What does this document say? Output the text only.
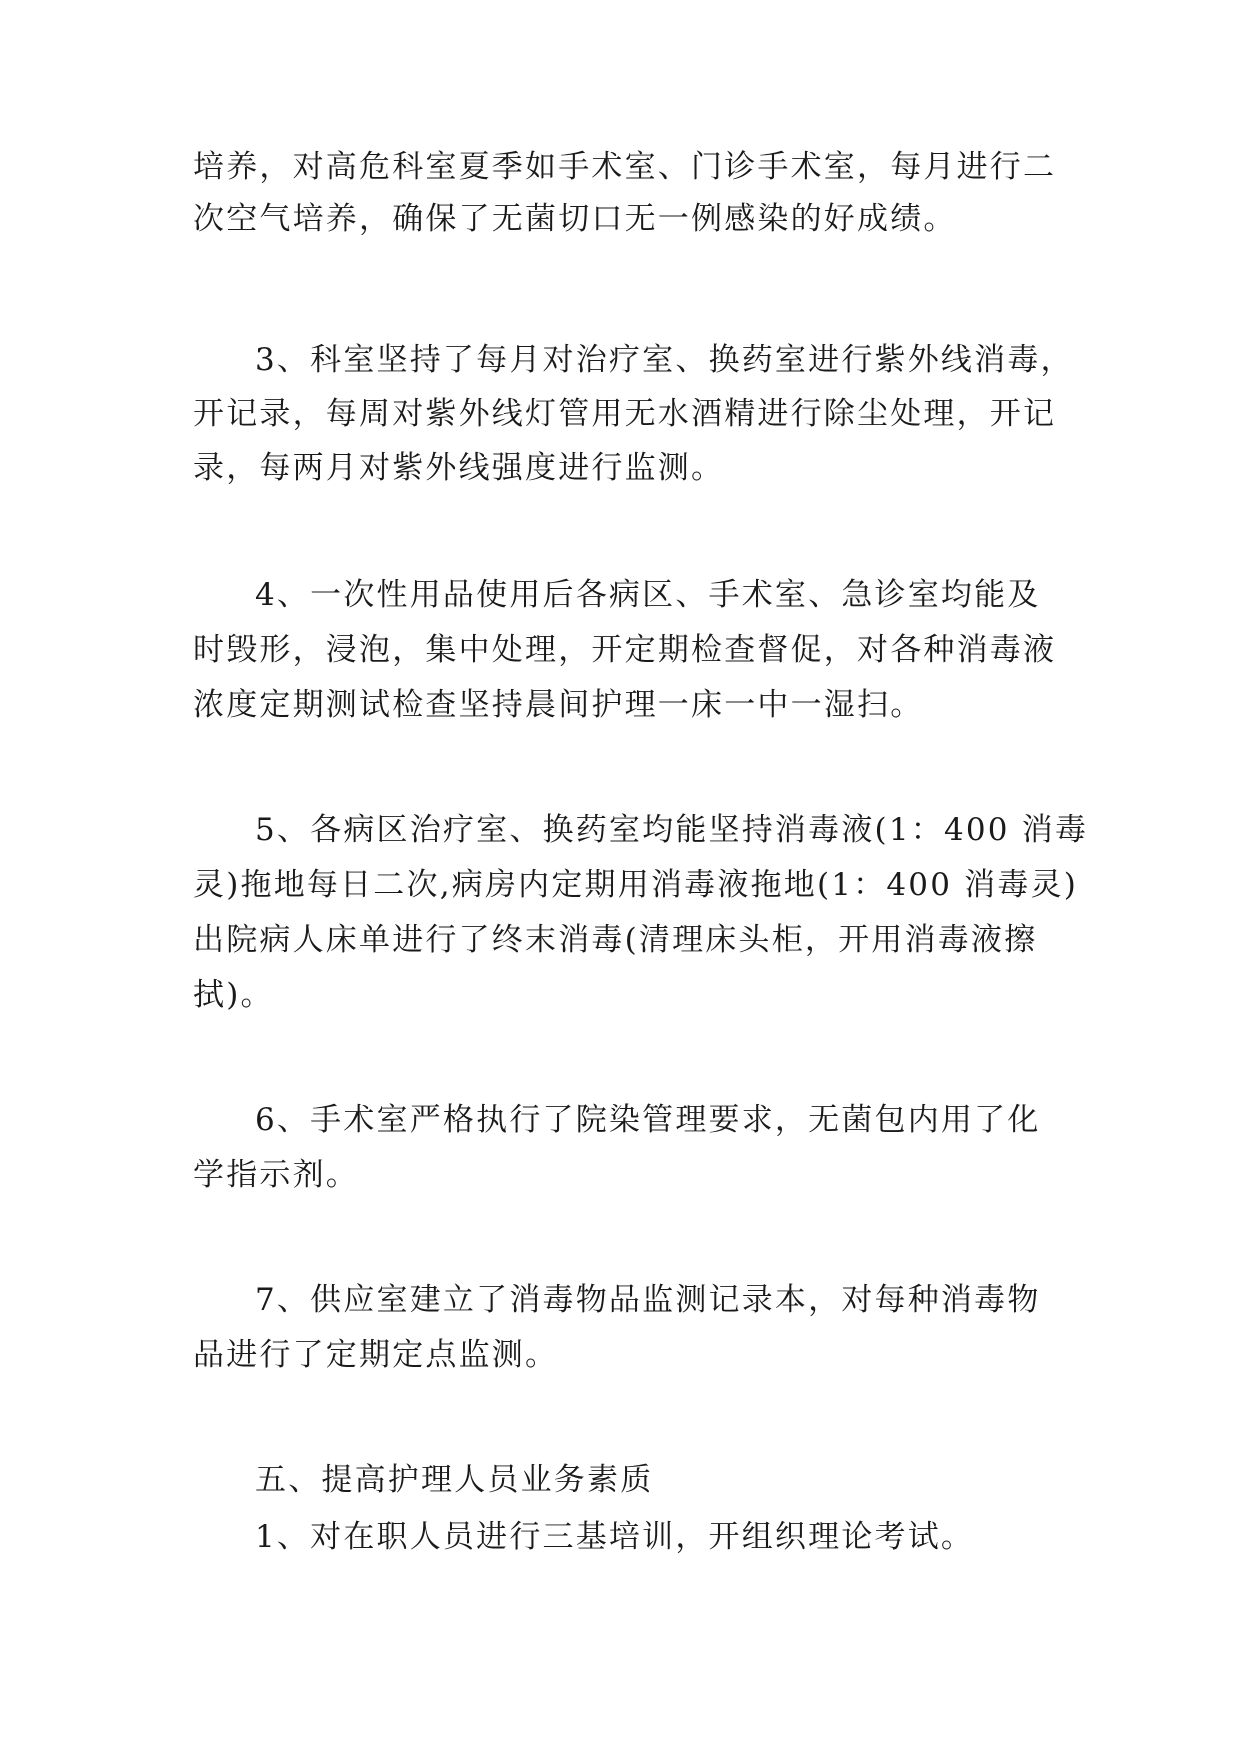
培养，对高危科室夏季如手术室、门诊手术室，每月进行二

次空气培养，确保了无菌切口无一例感染的好成绩。

3、科室坚持了每月对治疗室、换药室进行紫外线消毒，

开记录，每周对紫外线灯管用无水酒精进行除尘处理，开记

录，每两月对紫外线强度进行监测。

4、一次性用品使用后各病区、手术室、急诊室均能及

时毁形，浸泡，集中处理，开定期检查督促，对各种消毒液

浓度定期测试检查坚持晨间护理一床一中一湿扫。

5、各病区治疗室、换药室均能坚持消毒液(1：400 消毒

灵)拖地每日二次,病房内定期用消毒液拖地(1：400 消毒灵)

出院病人床单进行了终末消毒(清理床头柜，开用消毒液擦

拭)。

6、手术室严格执行了院染管理要求，无菌包内用了化

学指示剂。

7、供应室建立了消毒物品监测记录本，对每种消毒物

品进行了定期定点监测。

五、提高护理人员业务素质

1、对在职人员进行三基培训，开组织理论考试。
